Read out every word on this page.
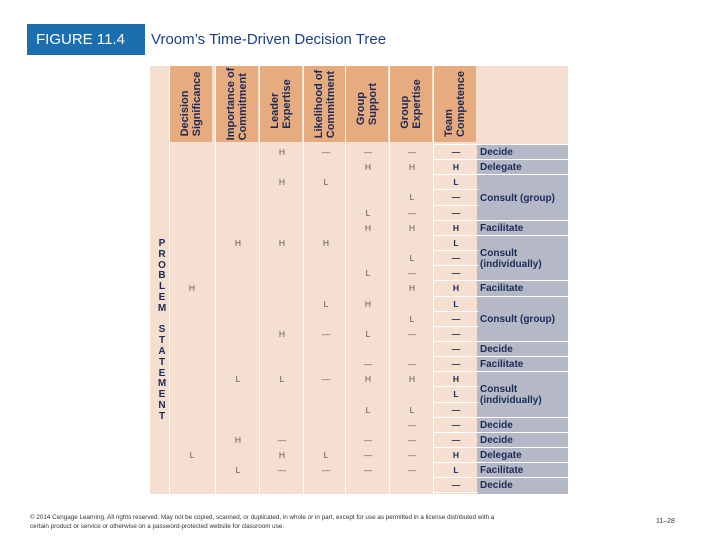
FIGURE 11.4	Vroom’s Time-Driven Decision Tree
P
R
O
B
L
E
M

S
T
A
T
E
M
E
N
T
Decide
Delegate
Consult (group)
Facilitate
Consult
(individually)
Facilitate
Consult (group)
Decide
Facilitate
Consult
(individually)
Decide
Decide
Delegate
Facilitate
Decide
Decision
Significance Importance of
Commitment Leader
Expertise Likelihood of
Commitment Group
Support Group
Expertise Team
Competence
H
L
H
L
H
L
H
H
H
H
L
—
H
—
—
L
H
L
—
—
L
—
—
H
L
H
L
H
L
—
H
L
—
—
—
—
H
L
—
H
L
—
H
L
—
—
H
L
—
—
—
—
—
H
L
—
—
H
L
—
—
H
L
—
—
—
—
H
L
—
—
—
H
L
—
© 2014 Cengage Learning. All rights reserved. May not be copied, scanned, or duplicated, in whole or in part, except for use as permitted in a license distributed with a certain product or service or otherwise on a password-protected website for classroom use.
11–28
